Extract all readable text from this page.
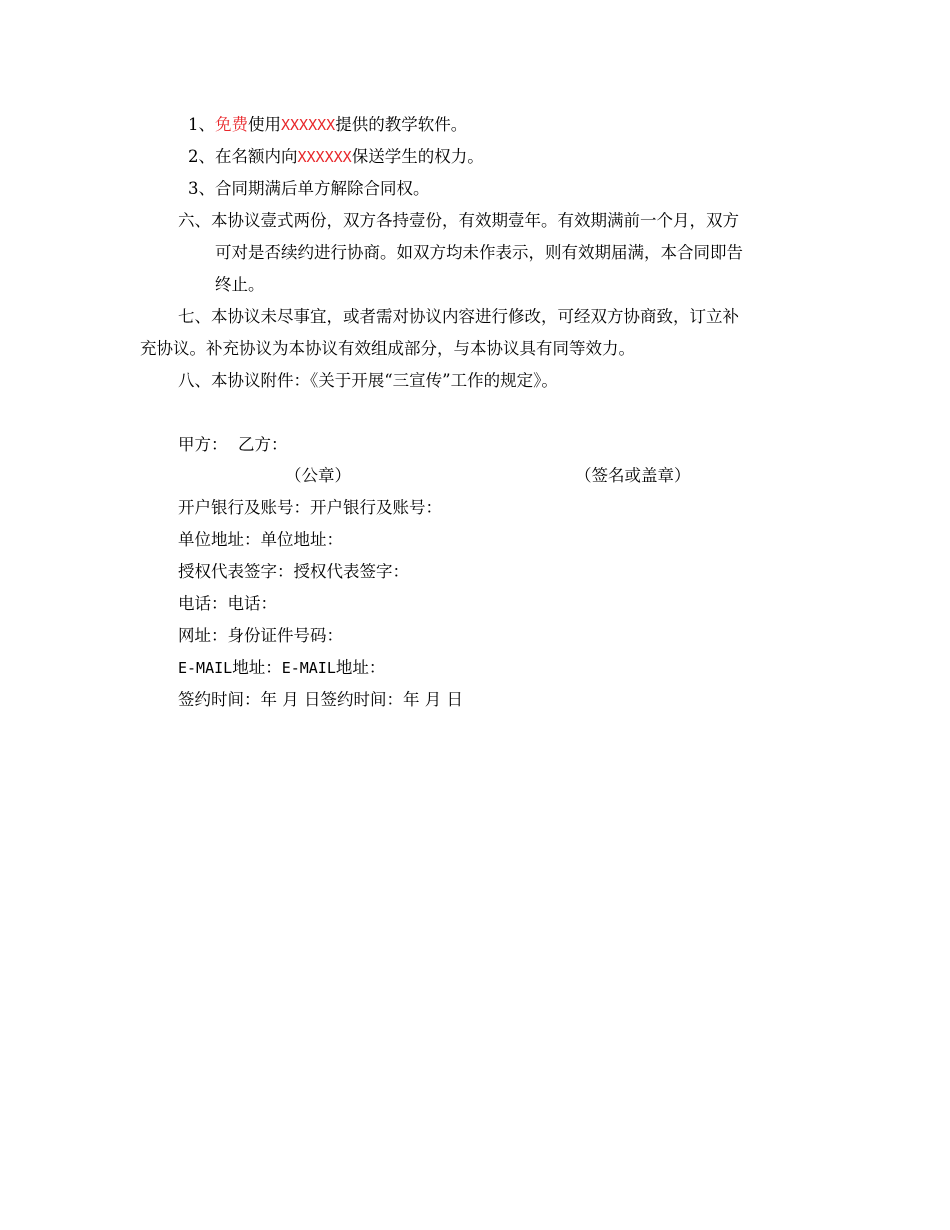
1、免费使用XXXXXX提供的教学软件。
2、在名额内向XXXXXX保送学生的权力。
3、合同期满后单方解除合同权。
六、本协议壹式两份，双方各持壹份，有效期壹年。有效期满前一个月，双方
可对是否续约进行协商。如双方均未作表示，则有效期届满，本合同即告
终止。
七、本协议未尽事宜，或者需对协议内容进行修改，可经双方协商致，订立补
充协议。补充协议为本协议有效组成部分，与本协议具有同等效力。
八、本协议附件：《关于开展“三宣传”工作的规定》。
甲方：  乙方：
（公章）	（签名或盖章）
开户银行及账号：开户银行及账号：
单位地址：单位地址：
授权代表签字：授权代表签字：
电话：电话：
网址：身份证件号码：
E-MAIL地址：E-MAIL地址：
签约时间：年 月 日签约时间：年 月 日
